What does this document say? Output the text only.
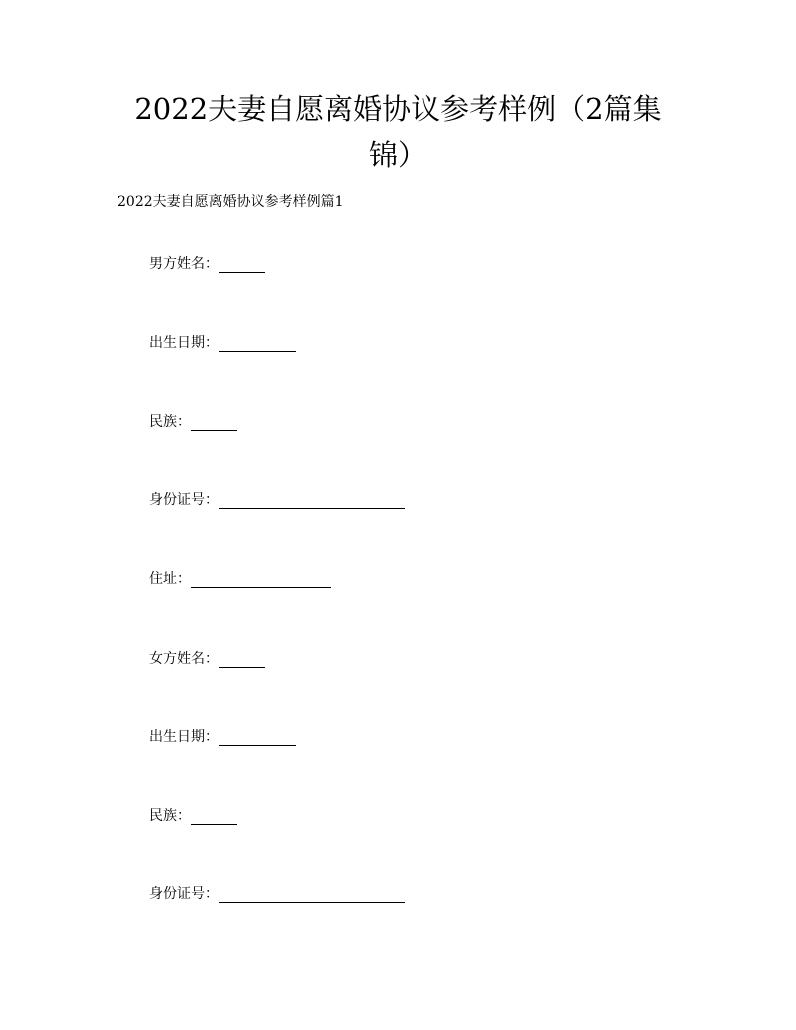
2022夫妻自愿离婚协议参考样例（2篇集
锦）
2022夫妻自愿离婚协议参考样例篇1
男方姓名：
出生日期：
民族：
身份证号：
住址：
女方姓名：
出生日期：
民族：
身份证号：
